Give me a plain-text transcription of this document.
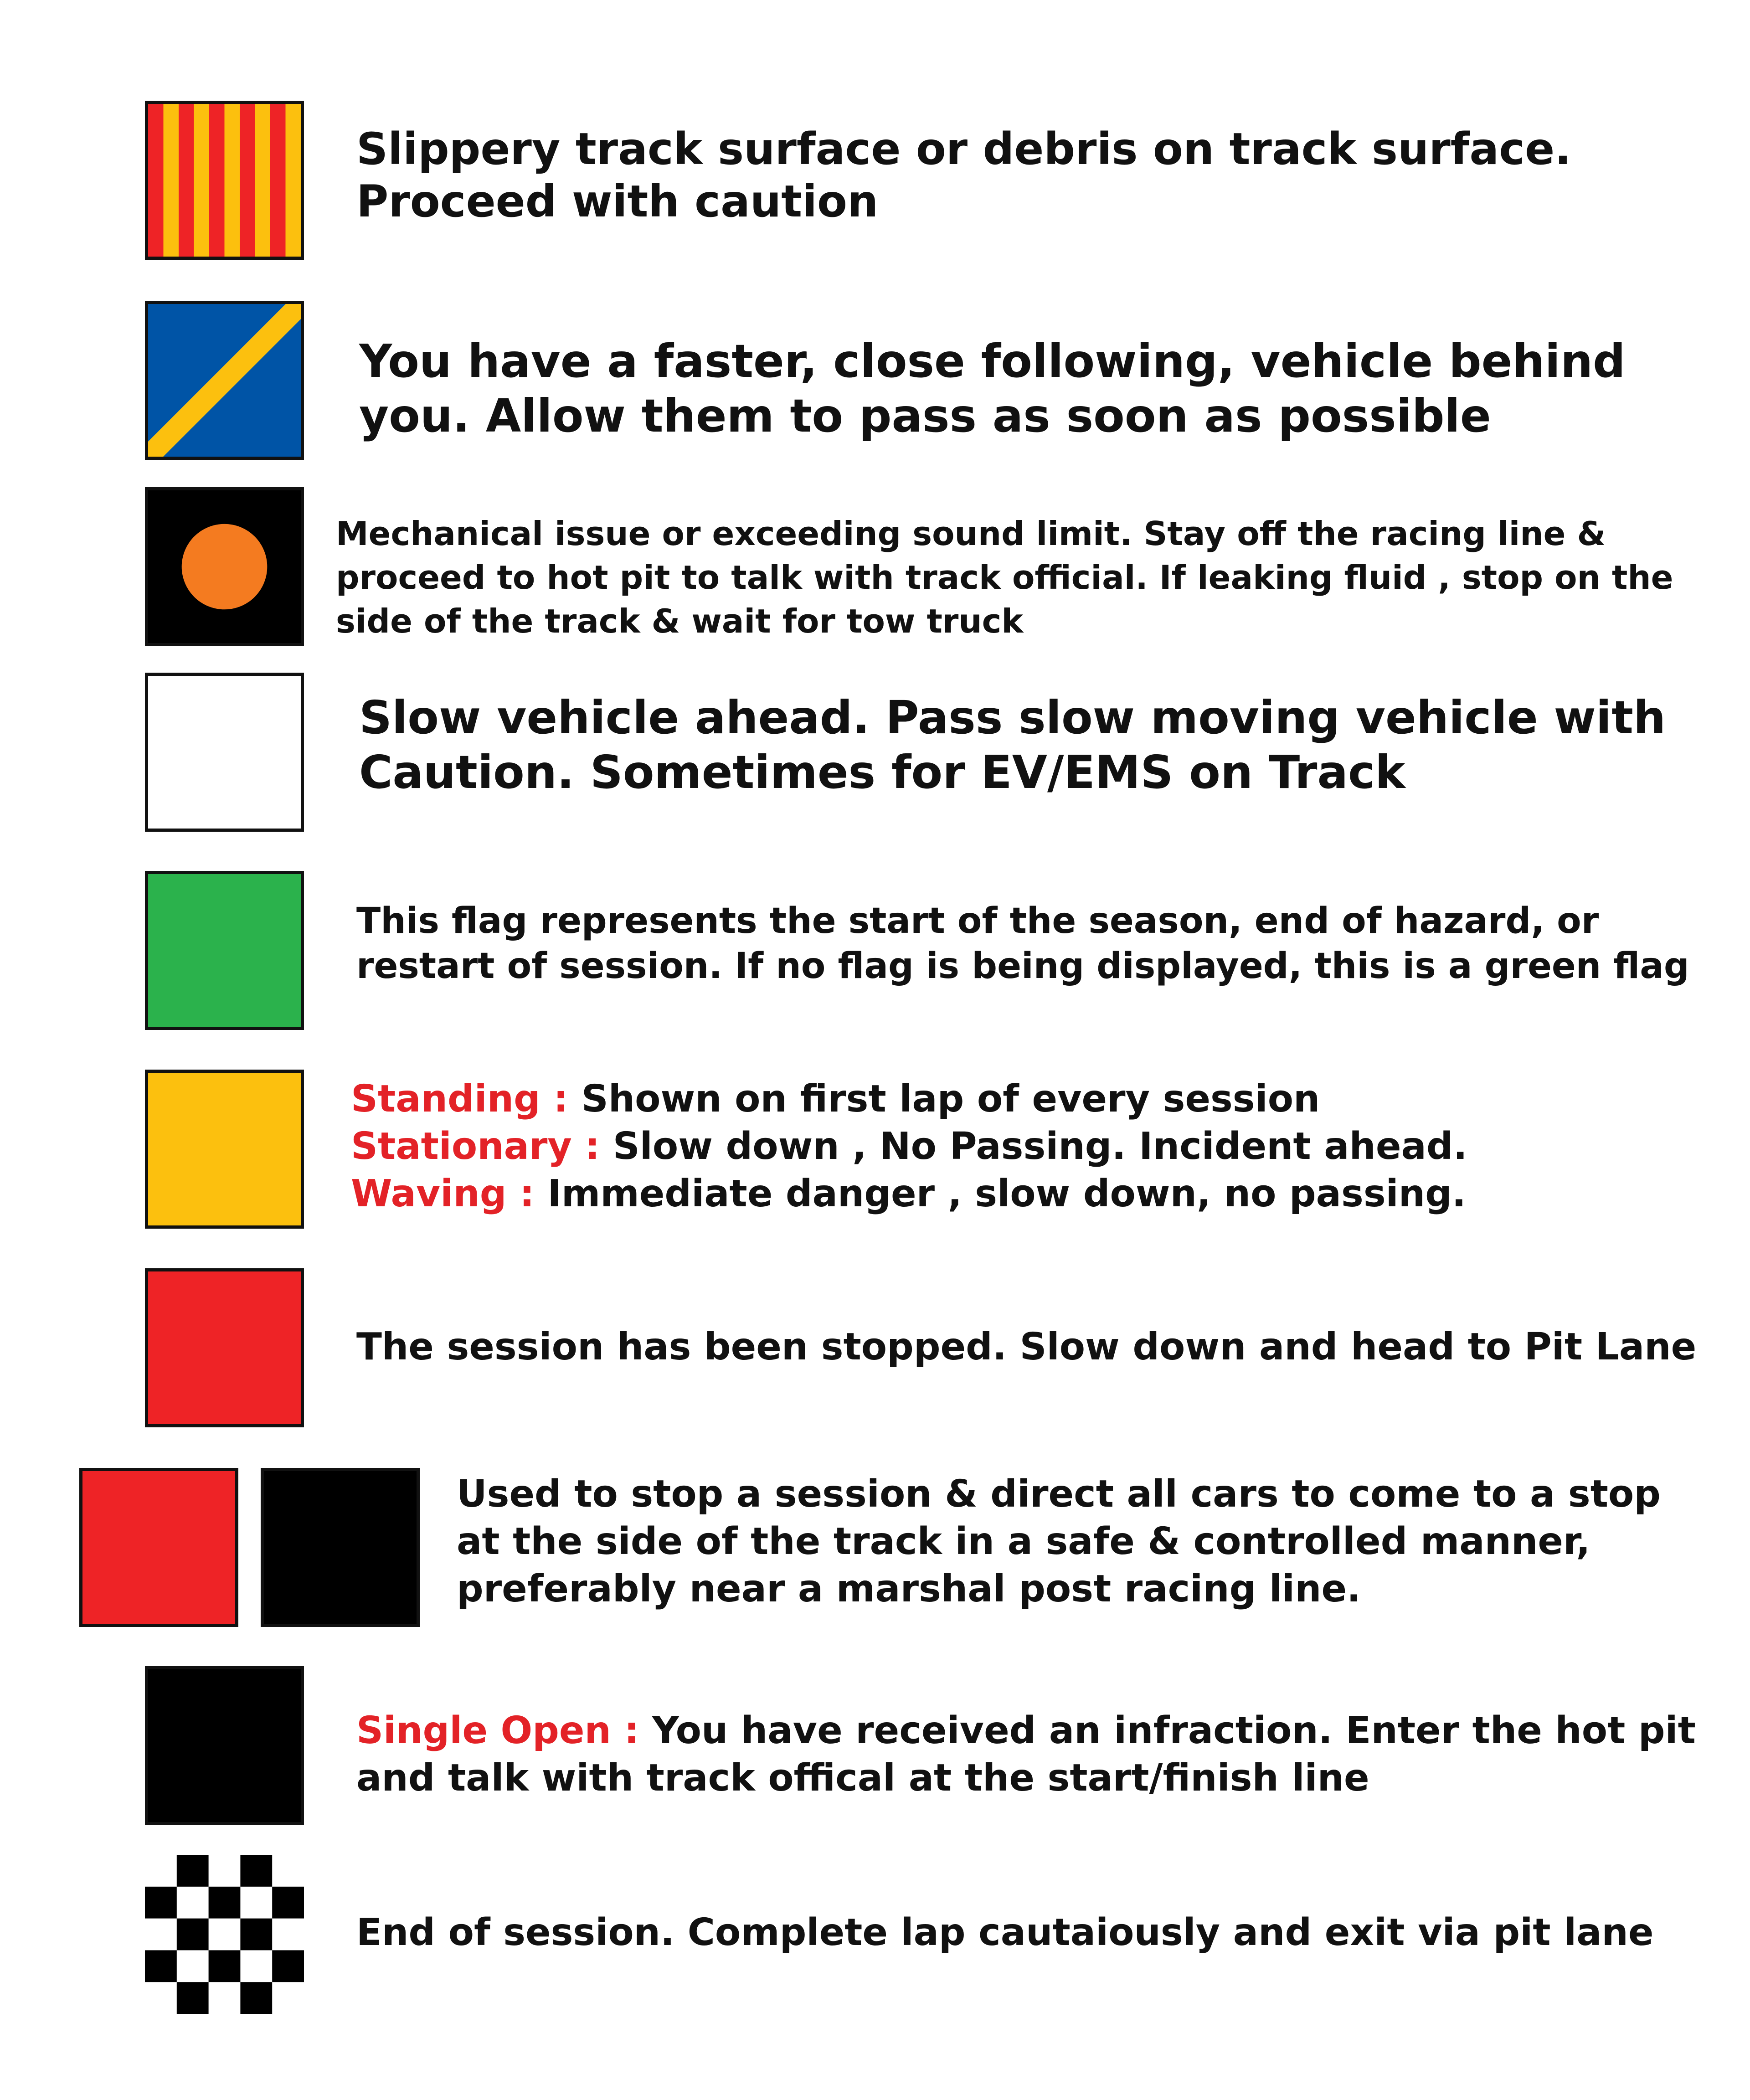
Slippery track surface or debris on track surface.
Proceed with caution
You have a faster, close following, vehicle behind
you. Allow them to pass as soon as possible
Mechanical issue or exceeding sound limit. Stay off the racing line &
proceed to hot pit to talk with track official. If leaking fluid , stop on the
side of the track & wait for tow truck
Slow vehicle ahead. Pass slow moving vehicle with
Caution. Sometimes for EV/EMS on Track
This flag represents the start of the season, end of hazard, or
restart of session. If no flag is being displayed, this is a green flag
Standing : Shown on first lap of every session
Stationary : Slow down , No Passing. Incident ahead.
Waving : Immediate danger , slow down, no passing.
The session has been stopped. Slow down and head to Pit Lane
Used to stop a session & direct all cars to come to a stop
at the side of the track in a safe & controlled manner,
preferably near a marshal post racing line.
Single Open : You have received an infraction. Enter the hot pit
and talk with track offical at the start/finish line
End of session. Complete lap cautaiously and exit via pit lane
